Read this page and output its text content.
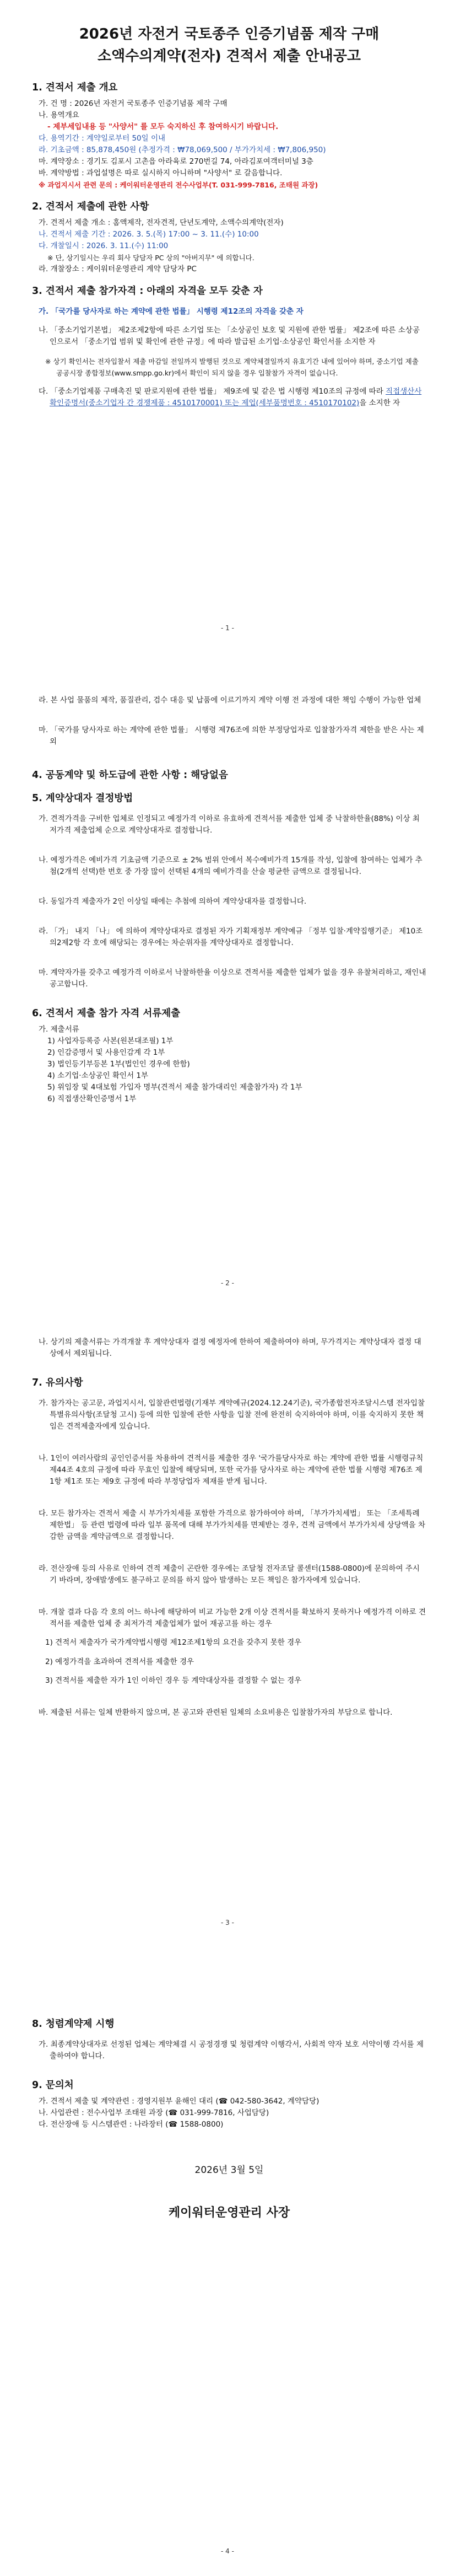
2026년 자전거 국토종주 인증기념품 제작 구매

소액수의계약(전자) 견적서 제출 안내공고

1. 견적서 제출 개요

가. 건 명 : 2026년 자전거 국토종주 인증기념품 제작 구매

나. 용역개요

- 제부세입내용 등 "사양서" 를 모두 숙지하신 후 참여하시기 바랍니다.

다. 용역기간 : 계약일로부터 50일 이내

라. 기초금액 : 85,878,450원 (추정가격 : ₩78,069,500 / 부가가치세 : ₩7,806,950)

마. 계약장소 : 경기도 김포시 고촌읍 아라육로 270번길 74, 아라김포여객터미널 3층

바. 계약방법 : 과업설명은 따로 실시하지 아니하며 "사양서" 로 갈음합니다.

※ 과업지시서 관련 문의 : 케이워터운영관리 전수사업부(T. 031-999-7816, 조태원 과장)

2. 견적서 제출에 관한 사항

가. 견적서 제출 개소 : 홈액제작, 전자견적, 단년도계약, 소액수의계약(전자)

나. 견적서 제출 기간 : 2026. 3. 5.(목) 17:00 ~ 3. 11.(수) 10:00

다. 개찰일시 : 2026. 3. 11.(수) 11:00

※ 단, 상기일시는 우리 회사 당담자 PC 상의 "아버지무" 에 의합니다.

라. 개찰장소 : 케이워터운영관리 계약 담당자 PC

3. 견적서 제출 참가자격 : 아래의 자격을 모두 갖춘 자

가. 「국가를 당사자로 하는 계약에 관한 법률」 시행령 제12조의 자격을 갖춘 자

나. 「중소기업기본법」 제2조제2항에 따른 소기업 또는 「소상공인 보호 및 지원에 관한 법률」 제2조에 따른 소상공인으로서 「중소기업 범위 및 확인에 관한 규정」에 따라 발급된 소기업·소상공인 확인서를 소지한 자

※ 상기 확인서는 전자입찰서 제출 마감일 전일까지 발행된 것으로 계약체결일까지 유효기간 내에 있어야 하며, 중소기업 제출 공공시장 종합정보(www.smpp.go.kr)에서 확인이 되지 않을 경우 입찰참가 자격이 없습니다.

다. 「중소기업제품 구매촉진 및 판로지원에 관한 법률」 제9조에 및 같은 법 시행령 제10조의 규정에 따라 직접생산사확인증명서(중소기업자 간 경쟁제품 : 4510170001) 또는 제업(세부품명번호 : 4510170102)을 소지한 자

- 1 -

라. 본 사업 물품의 제작, 품질관리, 검수 대응 및 납품에 이르기까지 계약 이행 전 과정에 대한 책임 수행이 가능한 업체

마. 「국가를 당사자로 하는 계약에 관한 법률」 시행령 제76조에 의한 부정당업자로 입찰참가자격 제한을 받은 사는 제외

4. 공동계약 및 하도급에 관한 사항 : 해당없음

5. 계약상대자 결정방법

가. 견적가격을 구비한 업체로 인정되고 예정가격 이하로 유효하게 견적서를 제출한 업체 중 낙찰하한율(88%) 이상 최저가격 제출업체 순으로 계약상대자로 결정합니다.

나. 예정가격은 예비가격 기초금액 기준으로 ± 2% 범위 안에서 복수예비가격 15개를 작성, 입찰에 참여하는 업체가 추첨(2개씩 선택)한 번호 중 가장 많이 선택된 4개의 예비가격을 산술 평균한 금액으로 결정됩니다.

다. 동일가격 제출자가 2인 이상일 때에는 추첨에 의하여 계약상대자를 결정합니다.

라. 「가」 내지 「나」 에 의하여 계약상대자로 결정된 자가 기획재정부 계약예규 「정부 입찰·계약집행기준」 제10조의2제2항 각 호에 해당되는 경우에는 차순위자를 계약상대자로 결정합니다.

마. 계약자가를 갖추고 예정가격 이하로서 낙찰하한율 이상으로 견적서를 제출한 업체가 없을 경우 유찰처리하고, 재인내 공고합니다.

6. 견적서 제출 참가 자격 서류제출

가. 제출서류

1) 사업자등록증 사본(원본대조필) 1부

2) 인감증명서 및 사용인감계 각 1부

3) 법인등기부등본 1부(법인인 경우에 한함)

4) 소기업·소상공인 확인서 1부

5) 위임장 및 4대보험 가입자 명부(견적서 제출 참가대리인 제출참가자) 각 1부

6) 직접생산확인증명서 1부

- 2 -

나. 상기의 제출서류는 가격개찰 후 계약상대자 결정 예정자에 한하여 제출하여야 하며, 무가격지는 계약상대자 결정 대상에서 제외됩니다.

7. 유의사항

가. 참가자는 공고문, 과업지시서, 입찰관련법령(기재부 계약예규(2024.12.24기준), 국가종합전자조달시스템 전자입찰특별유의사항(조달청 고시) 등에 의한 입찰에 관한 사항을 입찰 전에 완전히 숙지하여야 하며, 이를 숙지하지 못한 책임은 견적제출자에게 있습니다.

나. 1인이 여러사람의 공인인증서를 차용하여 견적서를 제출한 경우 '국가를당사자로 하는 계약에 관한 법률 시행령규칙 제44조 4호의 규정에 따라 무효인 입찰에 해당되며, 또한 국가를 당사자로 하는 계약에 관한 법률 시행령 제76조 제1항 제1조 또는 제9호 규정에 따라 부정당업자 제재를 받게 됩니다.

다. 모든 참가자는 견적서 제출 시 부가가치세를 포함한 가격으로 참가하여야 하며, 「부가가치세법」 또는 「조세특례제한법」 등 관련 법령에 따라 일부 품목에 대해 부가가치세를 면제받는 경우, 견적 금액에서 부가가치세 상당액을 차감한 금액을 계약금액으로 결정합니다.

라. 전산장애 등의 사유로 인하여 견적 제출이 곤란한 경우에는 조달청 전자조달 콜센터(1588-0800)에 문의하여 주시기 바라며, 장애발생에도 불구하고 문의를 하지 않아 발생하는 모든 책임은 참가자에게 있습니다.

마. 개찰 결과 다음 각 호의 어느 하나에 해당하여 비교 가능한 2개 이상 견적서를 확보하지 못하거나 예정가격 이하로 견적서를 제출한 업체 중 최저가격 제출업체가 없어 재공고를 하는 경우

1) 견적서 제출자가 국가계약법시행령 제12조제1항의 요건을 갖추지 못한 경우

2) 예정가격을 초과하여 견적서를 제출한 경우

3) 견적서를 제출한 자가 1인 이하인 경우 등 계약대상자를 결정할 수 없는 경우

바. 제출된 서류는 일체 반환하지 않으며, 본 공고와 관련된 일체의 소요비용은 입찰참가자의 부담으로 합니다.

- 3 -

8. 청렴계약제 시행

가. 최종계약상대자로 선정된 업체는 계약체결 시 공정경쟁 및 청렴계약 이행각서, 사회적 약자 보호 서약이행 각서를 제출하여야 합니다.

9. 문의처

가. 견적서 제출 및 계약관련 : 경영지원부 윤해인 대리 (☎ 042-580-3642, 계약담당)

나. 사업관련 : 전수사업부 조태원 과장 (☎ 031-999-7816, 사업담당)

다. 전산장애 등 시스템관련 : 나라장터 (☎ 1588-0800)

2026년 3월 5일

케이워터운영관리 사장

- 4 -
